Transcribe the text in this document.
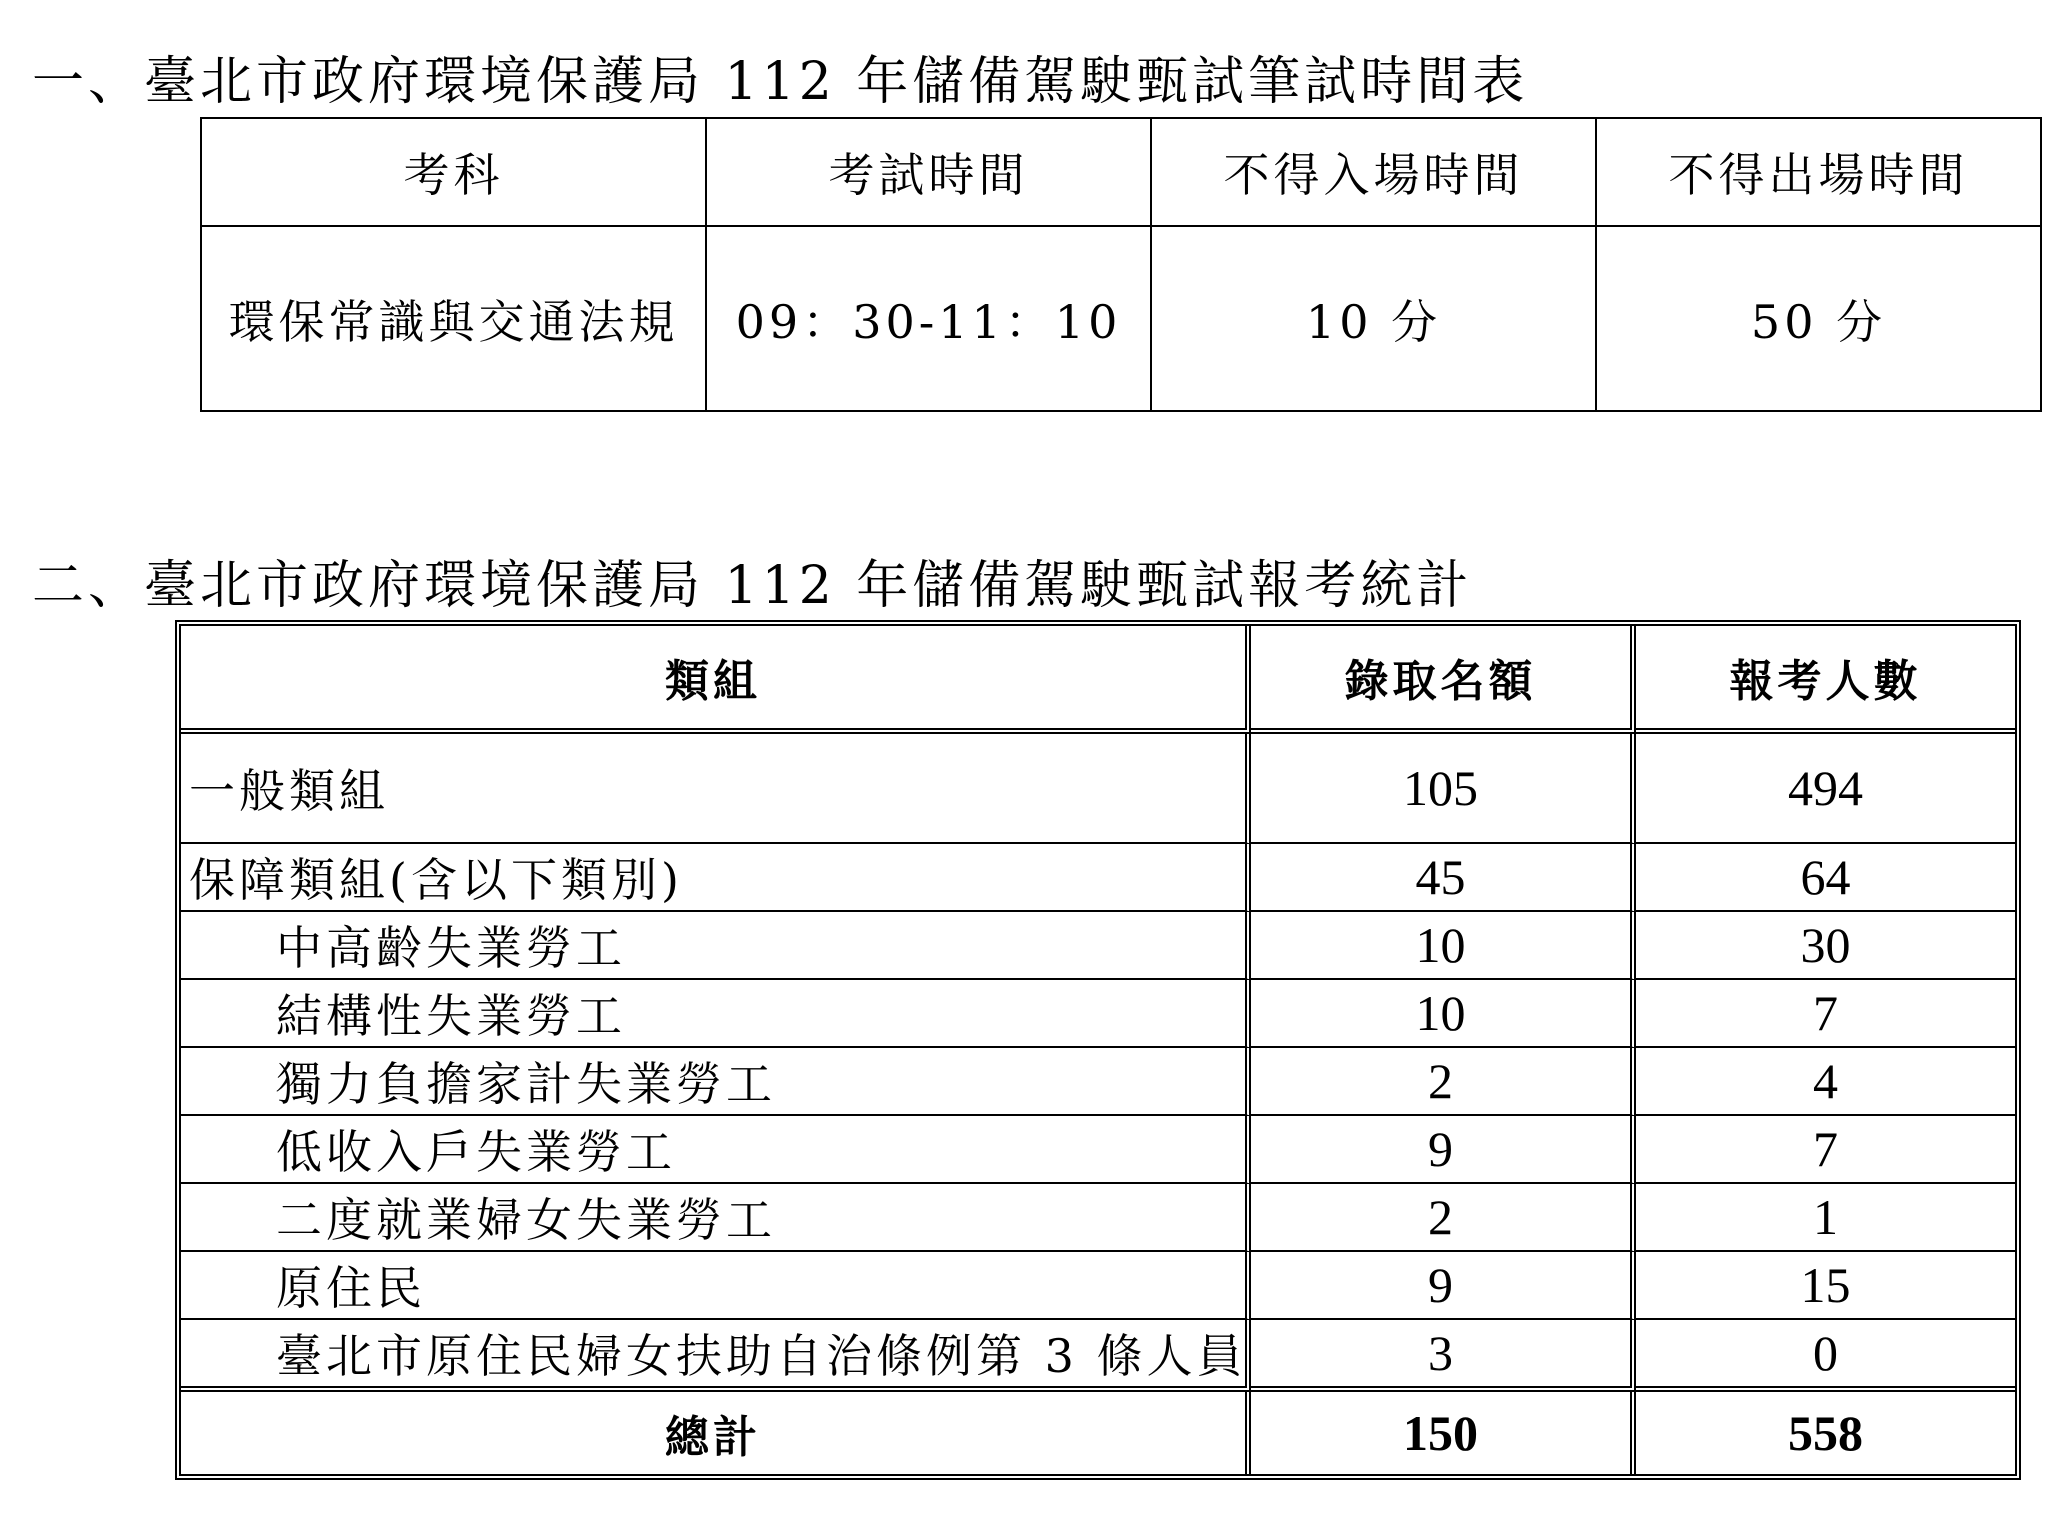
一、臺北市政府環境保護局 112 年儲備駕駛甄試筆試時間表
考科	考試時間	不得入場時間	不得出場時間
環保常識與交通法規	09：30-11：10	10 分	50 分
二、臺北市政府環境保護局 112 年儲備駕駛甄試報考統計
類組	錄取名額	報考人數
一般類組	105	494
保障類組(含以下類別)	45	64
中高齡失業勞工	10	30
結構性失業勞工	10	7
獨力負擔家計失業勞工	2	4
低收入戶失業勞工	9	7
二度就業婦女失業勞工	2	1
原住民	9	15
臺北市原住民婦女扶助自治條例第 3 條人員	3	0
總計	150	558
